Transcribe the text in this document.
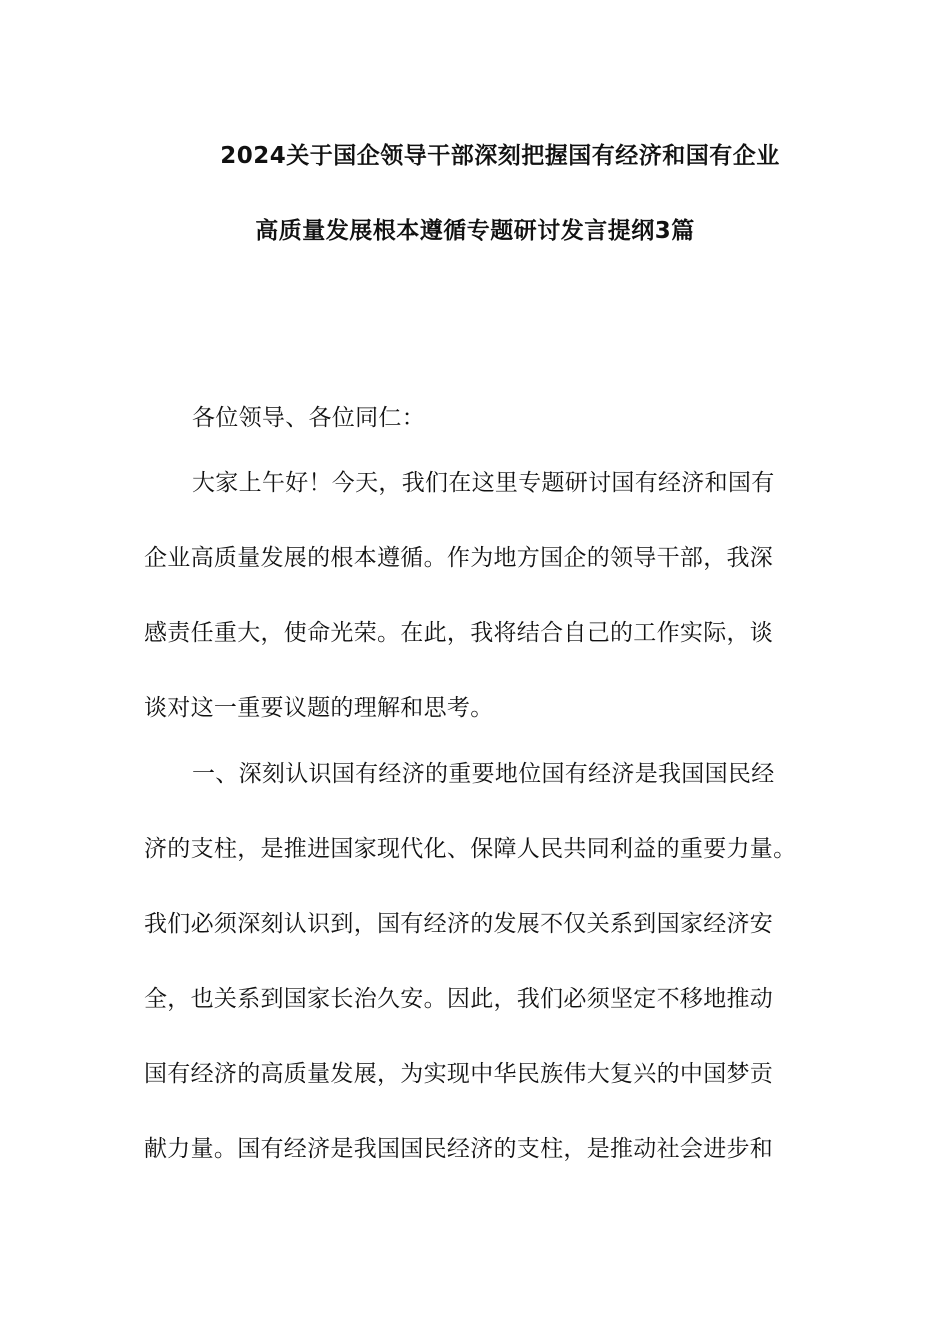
2024关于国企领导干部深刻把握国有经济和国有企业
高质量发展根本遵循专题研讨发言提纲3篇
各位领导、各位同仁：
大家上午好！今天，我们在这里专题研讨国有经济和国有
企业高质量发展的根本遵循。作为地方国企的领导干部，我深
感责任重大，使命光荣。在此，我将结合自己的工作实际，谈
谈对这一重要议题的理解和思考。
一、深刻认识国有经济的重要地位国有经济是我国国民经
济的支柱，是推进国家现代化、保障人民共同利益的重要力量。
我们必须深刻认识到，国有经济的发展不仅关系到国家经济安
全，也关系到国家长治久安。因此，我们必须坚定不移地推动
国有经济的高质量发展，为实现中华民族伟大复兴的中国梦贡
献力量。国有经济是我国国民经济的支柱，是推动社会进步和
